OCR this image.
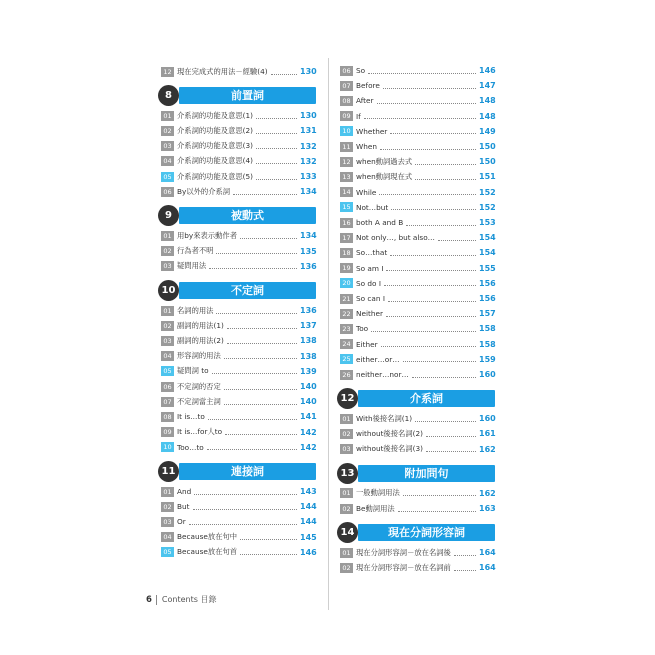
12 現在完成式的用法－經驗(4)	130
前置詞
8
01 介系詞的功能及意思(1)	130
02 介系詞的功能及意思(2)	131
03 介系詞的功能及意思(3)	132
04 介系詞的功能及意思(4)	132
05 介系詞的功能及意思(5)	133
06 By以外的介系詞	134
被動式
9
01 用by來表示動作者	134
02 行為者不明	135
03 疑問用法	136
不定詞
10
01 名詞的用法	136
02 副詞的用法(1)	137
03 副詞的用法(2)	138
04 形容詞的用法	138
05 疑問詞 to	139
06 不定詞的否定	140
07 不定詞當主詞	140
08 It is…to	141
09 It is…for人to	142
10 Too…to	142
連接詞
11
01 And	143
02 But	144
03 Or	144
04 Because放在句中	145
05 Because放在句首	146
06 So	146
07 Before	147
08 After	148
09 If	148
10 Whether	149
11 When	150
12 when動詞過去式	150
13 when動詞現在式	151
14 While	152
15 Not…but	152
16 both A and B	153
17 Not only…, but also…	154
18 So…that	154
19 So am I	155
20 So do I	156
21 So can I	156
22 Neither	157
23 Too	158
24 Either	158
25 either…or…	159
26 neither…nor…	160
介系詞
12
01 With後接名詞(1)	160
02 without後接名詞(2)	161
03 without後接名詞(3)	162
附加問句
13
01 一般動詞用法	162
02 Be動詞用法	163
現在分詞形容詞
14
01 現在分詞形容詞－放在名詞後	164
02 現在分詞形容詞－放在名詞前	164
6 Contents 目錄
